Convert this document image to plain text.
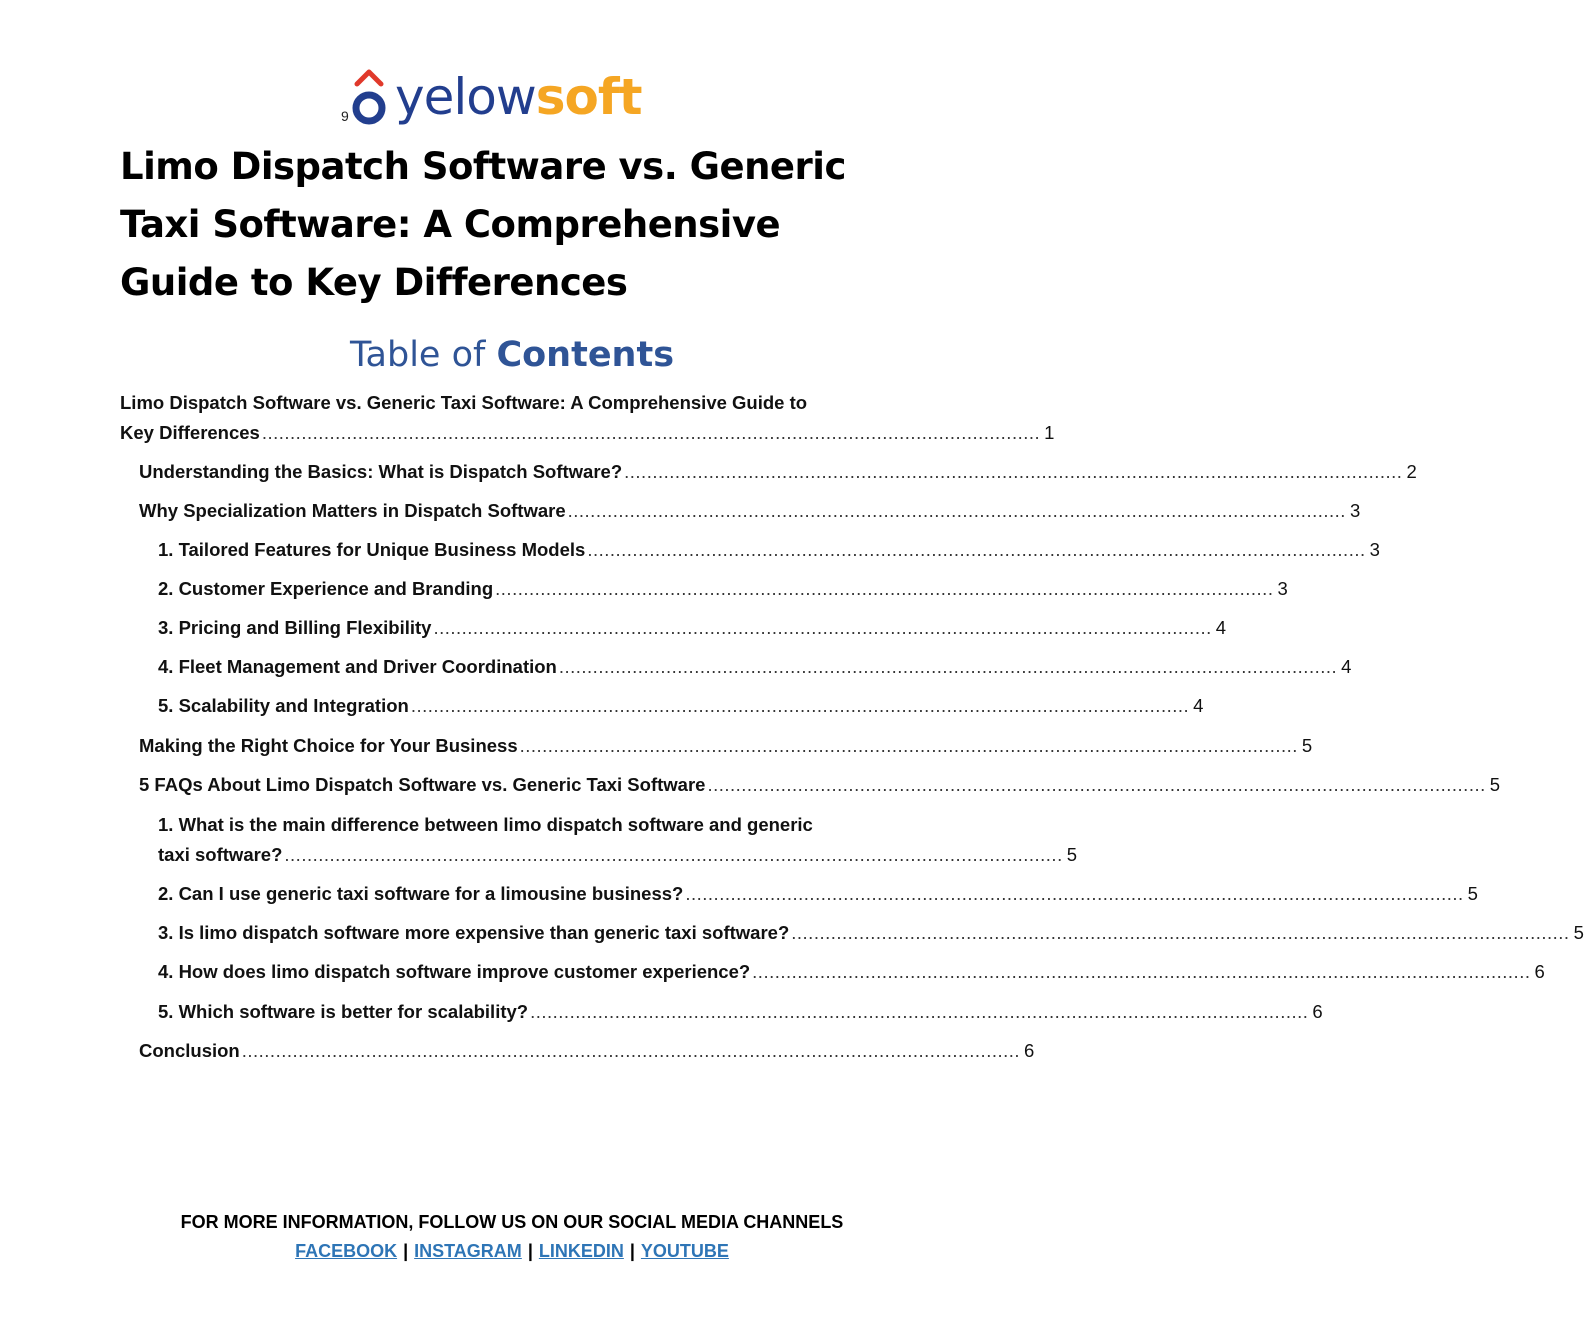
9 yelow soft
Limo Dispatch Software vs. Generic Taxi Software: A Comprehensive Guide to Key Differences
Table of Contents
Limo Dispatch Software vs. Generic Taxi Software: A Comprehensive Guide to
Key Differences .......................................................................................................................................... 1
Understanding the Basics: What is Dispatch Software? .......................................................................................................................................... 2
Why Specialization Matters in Dispatch Software .......................................................................................................................................... 3
1. Tailored Features for Unique Business Models .......................................................................................................................................... 3
2. Customer Experience and Branding .......................................................................................................................................... 3
3. Pricing and Billing Flexibility .......................................................................................................................................... 4
4. Fleet Management and Driver Coordination .......................................................................................................................................... 4
5. Scalability and Integration .......................................................................................................................................... 4
Making the Right Choice for Your Business .......................................................................................................................................... 5
5 FAQs About Limo Dispatch Software vs. Generic Taxi Software .......................................................................................................................................... 5
1. What is the main difference between limo dispatch software and generic
taxi software? .......................................................................................................................................... 5
2. Can I use generic taxi software for a limousine business? .......................................................................................................................................... 5
3. Is limo dispatch software more expensive than generic taxi software? .......................................................................................................................................... 5
4. How does limo dispatch software improve customer experience? .......................................................................................................................................... 6
5. Which software is better for scalability? .......................................................................................................................................... 6
Conclusion .......................................................................................................................................... 6
FOR MORE INFORMATION, FOLLOW US ON OUR SOCIAL MEDIA CHANNELS
FACEBOOK | INSTAGRAM | LINKEDIN | YOUTUBE
